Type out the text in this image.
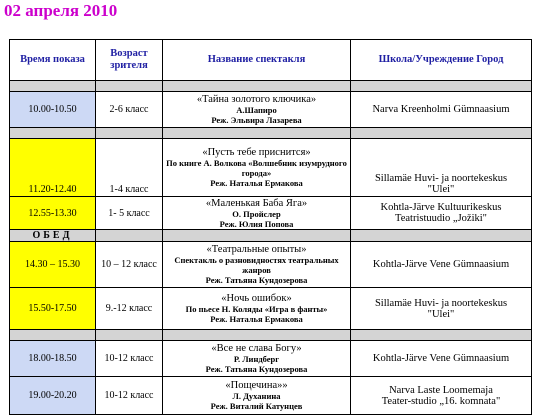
02 апреля 2010
Время показа	Возраст зрителя	Название спектакля	Школа/Учреждение Город

10.00-10.50	2-6 класс	«Тайна золотого ключика»
А.Шапиро
Реж. Эльвира Лазарева	Narva Kreenholmi Gümnaasium

11.20-12.40	1-4 класс	«Пусть тебе приснится»
По книге А. Волкова «Волшебник изумрудного города»
Реж. Наталья Ермакова	Sillamäe Huvi- ja noortekeskus
"Ulei"
12.55-13.30	1- 5 класс	«Маленькая Баба Яга»
О. Пройслер
Реж. Юлия Попова	Kohtla-Järve Kultuurikeskus
Teatristuudio „Jožiki"
ОБЕД			
14.30 – 15.30	10 – 12 класс	«Театральные опыты»
Спектакль о разновидностях театральных жанров
Реж. Татьяна Кундозерова	Kohtla-Järve Vene Gümnaasium
15.50-17.50	9.-12 класс	«Ночь ошибок»
По пьесе Н. Коляды «Игра в фанты»
Реж. Наталья Ермакова	Sillamäe Huvi- ja noortekeskus
"Ulei"

18.00-18.50	10-12 класс	«Все не слава Богу»
Р. Линдберг
Реж. Татьяна Кундозерова	Kohtla-Järve Vene Gümnaasium
19.00-20.20	10-12 класс	«Пощечина»»
Л. Духанина
Реж. Виталий Катунцев	Narva Laste Loomemaja
Teater-studio „16. komnata"
